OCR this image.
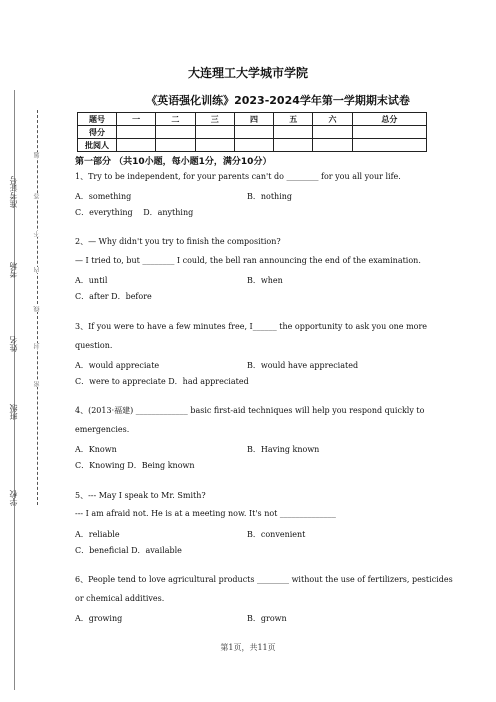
准考证号
考场
姓名
班级
学校
题
答
不
内
线
封
密
大连理工大学城市学院
《英语强化训练》2023-2024学年第一学期期末试卷
题号	一	二	三	四	五	六	总分
得分							
批阅人							
第一部分 （共10小题，每小题1分，满分10分）
1、Try to be independent, for your parents can't do ________ for you all your life.
A．something	B．nothing
C．everything　 D．anything
2、— Why didn't you try to finish the composition?
— I tried to, but ________ I could, the bell ran announcing the end of the examination.
A．until	B．when
C．after D．before
3、If you were to have a few minutes free, I______ the opportunity to ask you one more
question.
A．would appreciate	B．would have appreciated
C．were to appreciate D．had appreciated
4、(2013·福建) _____________ basic first-aid techniques will help you respond quickly to
emergencies.
A．Known	B．Having known
C．Knowing D．Being known
5、--- May I speak to Mr. Smith?
--- I am afraid not. He is at a meeting now. It's not ______________
A．reliable	B．convenient
C．beneficial D．available
6、People tend to love agricultural products ________ without the use of fertilizers, pesticides
or chemical additives.
A．growing	B．grown
第1页，共11页
